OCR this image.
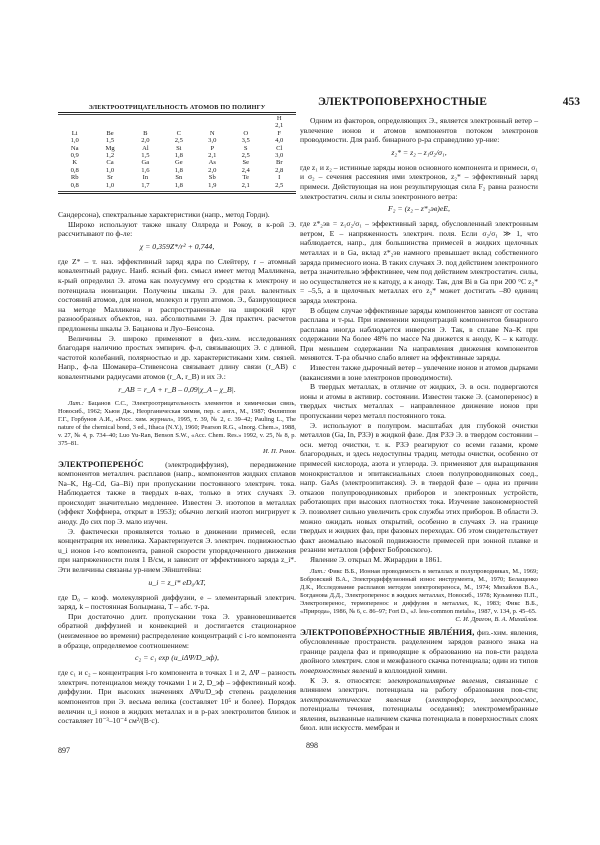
ЭЛЕКТРОПОВЕРХНОСТНЫЕ	453
ЭЛЕКТРООТРИЦАТЕЛЬНОСТЬ АТОМОВ ПО ПОЛИНГУ
						H
						2,1
Li	Be	B	C	N	O	F
1,0	1,5	2,0	2,5	3,0	3,5	4,0
Na	Mg	Al	Si	P	S	Cl
0,9	1,2	1,5	1,8	2,1	2,5	3,0
K	Ca	Ga	Ge	As	Se	Br
0,8	1,0	1,6	1,8	2,0	2,4	2,8
Rb	Sr	In	Sn	Sb	Te	I
0,8	1,0	1,7	1,8	1,9	2,1	2,5

Сандерсона), спектральные характеристики (напр., метод Горди).

Широко используют также шкалу Оллреда и Рокоу, в к-рой Э. рассчитывают по ф-ле:

χ = 0,359Z*/r² + 0,744,

где Z* – т. наз. эффективный заряд ядра по Слейтеру, r – атомный ковалентный радиус. Наиб. ясный физ. смысл имеет метод Малликена, к-рый определил Э. атома как полусумму его сродства к электрону и потенциала ионизации. Получены шкалы Э. для разл. валентных состояний атомов, для ионов, молекул и групп атомов. Э., базирующиеся на методе Малликена и распространенные на широкий круг разнообразных объектов, наз. абсолютными Э. Для практич. расчетов предложены шкалы Э. Бацанова и Луо–Бенсона.

Величины Э. широко применяют в физ.-хим. исследованиях благодаря наличию простых эмпирич. ф-л, связывающих Э. с длиной, частотой колебаний, полярностью и др. характеристиками хим. связей. Напр., ф-ла Шомакера–Стивенсона связывает длину связи (r_AB) с ковалентными радиусами атомов (r_A, r_B) и их Э.:

r_AB = r_A + r_B – 0,09|χ_A – χ_B|.
Лит.: Бацанов С.С., Электроотрицательность элементов и химическая связь, Новосиб., 1962; Хьюи Дж., Неорганическая химия, пер. с англ., М., 1987; Филиппов Г.Г., Горбунов А.И., «Росс. хим. журнал», 1995, т. 39, № 2, с. 39–42; Pauling L., The nature of the chemical bond, 3 ed., Ithaca (N.Y.), 1960; Pearson R.G., «Inorg. Chem.», 1988, v. 27, № 4, p. 734–40; Luo Yu-Ran, Benson S.W., «Acc. Chem. Res.» 1992, v. 25, № 8, p. 375–81.
И. П. Ромм.

ЭЛЕКТРОПЕРЕНО́С (электродиффузия), передвижение компонентов металлич. расплавов (напр., компонентов жидких сплавов Na–K, Hg–Cd, Ga–Bi) при пропускании постоянного электрич. тока. Наблюдается также в твердых в-вах, только в этих случаях Э. происходит значительно медленнее. Известен Э. изотопов в металлах (эффект Хоффнера, открыт в 1953); обычно легкий изотоп мигрирует к аноду. До сих пор Э. мало изучен.

Э. фактически проявляется только в движении примесей, если концентрация их невелика. Характеризуется Э. электрич. подвижностью u_i ионов i-го компонента, равной скорости упорядоченного движения при напряженности поля 1 В/см, и зависит от эффективного заряда z_i*. Эти величины связаны ур-нием Эйнштейна:

u_i = z_i* eD₀/kT,

где D₀ – коэф. молекулярной диффузии, e – элементарный электрич. заряд, k – постоянная Больцмана, T – абс. т-ра.

При достаточно длит. пропускании тока Э. уравновешивается обратной диффузией и конвекцией и достигается стационарное (неизменное во времени) распределение концентраций c i-го компонента в образце, определяемое соотношением:

c₂ = c₁ exp (u_iΔΨ/D_эф),

где c₁ и c₂ – концентрация i-го компонента в точках 1 и 2, ΔΨ – разность электрич. потенциалов между точками 1 и 2, D_эф – эффективный коэф. диффузии. При высоких значениях ΔΨu/D_эф степень разделения компонентов при Э. весьма велика (составляет 10⁵ и более). Порядок величин u_i ионов в жидких металлах и в р-рах электролитов близок и составляет 10⁻³–10⁻⁴ см²/(В·с).

897

Одним из факторов, определяющих Э., является электронный ветер – увлечение ионов и атомов компонентов потоком электронов проводимости. Для разб. бинарного р-ра справедливо ур-ние:

z₂* = z₂ – z₁σ₂/σ₁,

где z₁ и z₂ – истинные заряды ионов основного компонента и примеси, σ₁ и σ₂ – сечения рассеяния ими электронов, z₂* – эффективный заряд примеси. Действующая на ион результирующая сила F₂ равна разности электростатич. силы и силы электронного ветра:

F₂ = (z₂ – z*₂эв)eE,

где z*₂эв = z₁σ₂/σ₁ – эффективный заряд, обусловленный электронным ветром, E – напряженность электрич. поля. Если σ₂/σ₁ ≫ 1, что наблюдается, напр., для большинства примесей в жидких щелочных металлах и в Ga, вклад z*₂эв намного превышает вклад собственного заряда примесного иона. В таких случаях Э. под действием электронного ветра значительно эффективнее, чем под действием электростатич. силы, но осуществляется не к катоду, а к аноду. Так, для Bi в Ga при 200 °C z₂* = –5,5, а в щелочных металлах его z₂* может достигать –80 единиц заряда электрона.

В общем случае эффективные заряды компонентов зависят от состава расплава и т-ры. При изменении концентраций компонентов бинарного расплава иногда наблюдается инверсия Э. Так, в сплаве Na–K при содержании Na более 48% по массе Na движется к аноду, K – к катоду. При меньшем содержании Na направления движения компонентов меняются. Т-ра обычно слабо влияет на эффективные заряды.

Известен также дырочный ветер – увлечение ионов и атомов дырками (вакансиями в зоне электронов проводимости).

В твердых металлах, в отличие от жидких, Э. в осн. подвергаются ионы и атомы в активир. состоянии. Известен также Э. (самоперенос) в твердых чистых металлах – направленное движение ионов при пропускании через металл постоянного тока.

Э. используют в полупром. масштабах для глубокой очистки металлов (Ga, In, РЗЭ) в жидкой фазе. Для РЗЭ Э. в твердом состоянии – осн. метод очистки, т. к. РЗЭ реагируют со всеми газами, кроме благородных, и здесь недоступны традиц. методы очистки, особенно от примесей кислорода, азота и углерода. Э. применяют для выращивания монокристаллов и эпитаксиальных слоев полупроводниковых соед., напр. GaAs (электроэпитаксия). Э. в твердой фазе – одна из причин отказов полупроводниковых приборов и электронных устройств, работающих при высоких плотностях тока. Изучение закономерностей Э. позволяет сильно увеличить срок службы этих приборов. В области Э. можно ожидать новых открытий, особенно в случаях Э. на границе твердых и жидких фаз, при фазовых переходах. Об этом свидетельствует факт аномально высокой подвижности примесей при зонной плавке и резании металлов (эффект Бобровского).

Явление Э. открыл М. Жирардин в 1861.

Лит.: Фикс В.Б., Ионная проводимость в металлах и полупроводниках, М., 1969; Бобровский В.А., Электродиффузионный износ инструмента, М., 1970; Белащенко Д.К., Исследование расплавов методом электропереноса, М., 1974; Михайлов В.А., Богданова Д.Д., Электроперенос в жидких металлах, Новосиб., 1978; Кузьменко П.П., Электроперенос, термоперенос и диффузия в металлах, К., 1983; Фикс В.Б., «Природа», 1986, № 6, с. 86–97; Fort D., «J. less-common metals», 1987, v. 134, p. 45–65.
С. И. Драгон, В. А. Михайлов.

ЭЛЕКТРОПОВЕ́РХНОСТНЫЕ ЯВЛЕ́НИЯ, физ.-хим. явления, обусловленные пространств. разделением зарядов разного знака на границе раздела фаз и приводящие к образованию на пов-сти раздела двойного электрич. слоя и межфазного скачка потенциала; один из типов поверхностных явлений в коллоидной химии.

К Э. я. относятся: электрокапиллярные явления, связанные с влиянием электрич. потенциала на работу образования пов-сти; электрокинетические явления (электрофорез, электроосмос, потенциалы течения, потенциалы оседания); электромембранные явления, вызванные наличием скачка потенциала в поверхностных слоях биол. или искусств. мембран и

898
